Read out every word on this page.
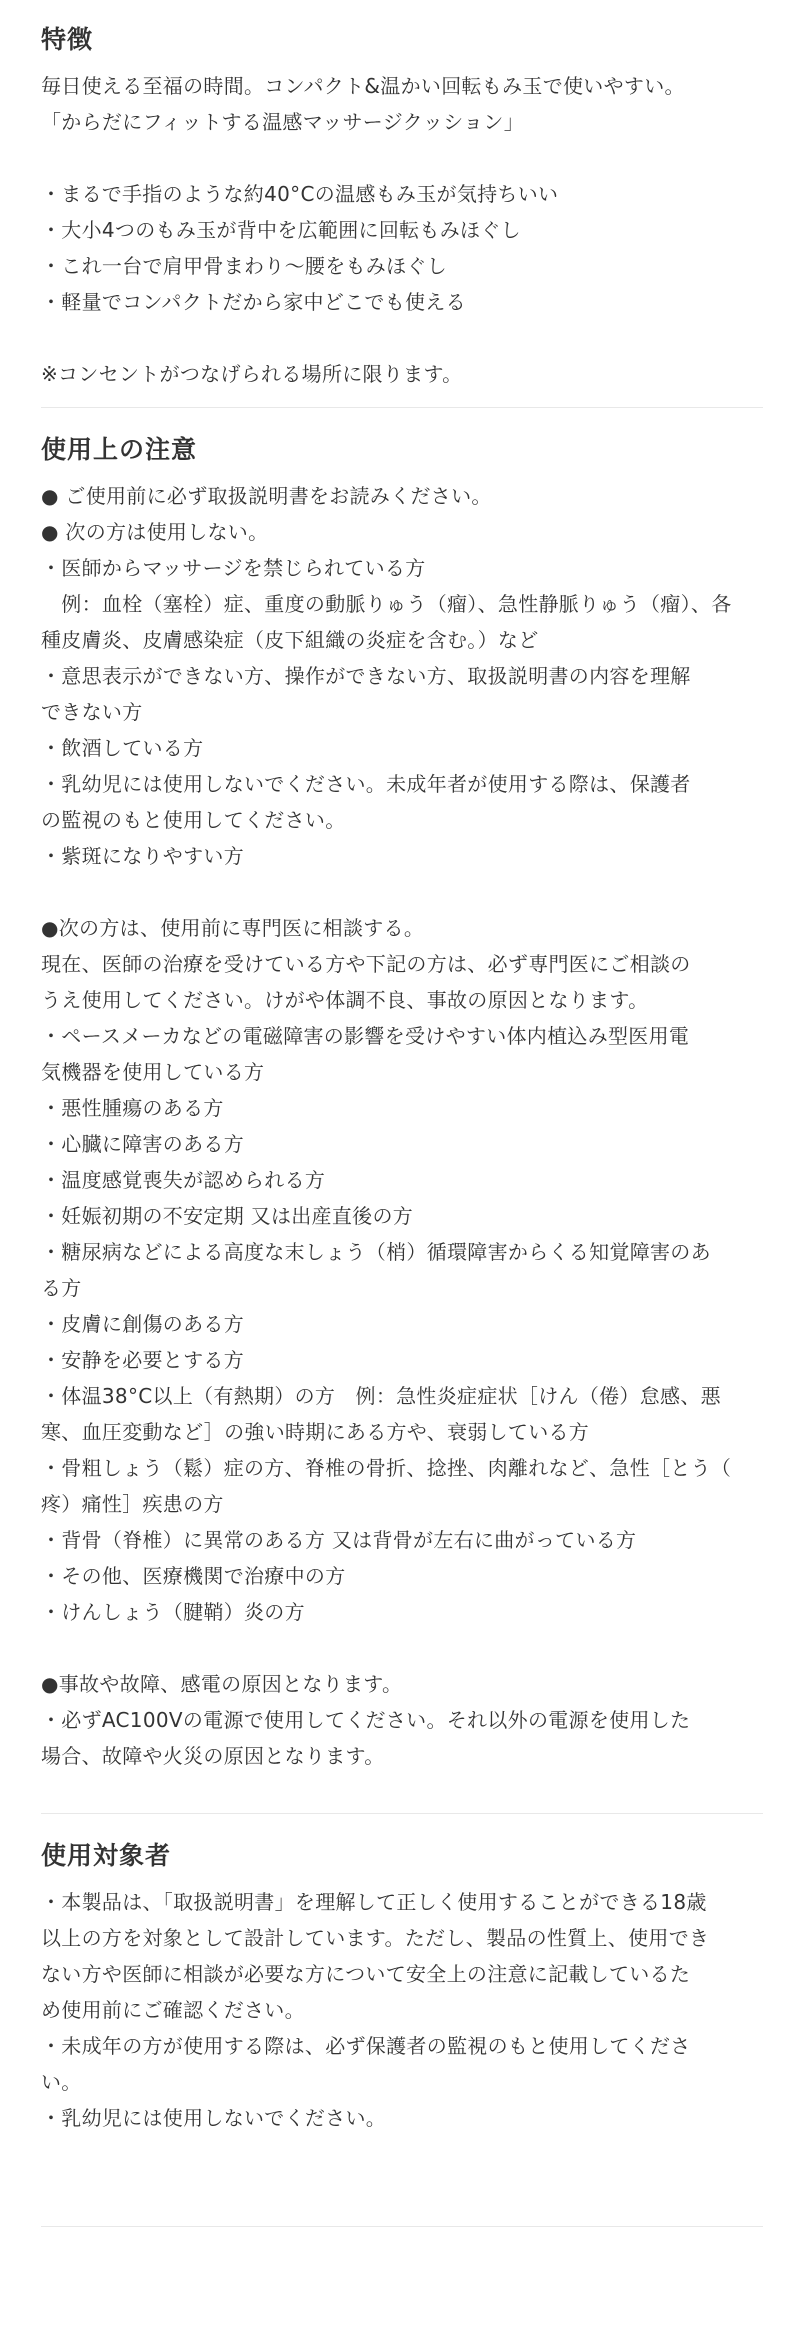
特徴
毎日使える至福の時間。コンパクト&温かい回転もみ玉で使いやすい。
「からだにフィットする温感マッサージクッション」
・まるで手指のような約40°Cの温感もみ玉が気持ちいい
・大小4つのもみ玉が背中を広範囲に回転もみほぐし
・これ一台で肩甲骨まわり～腰をもみほぐし
・軽量でコンパクトだから家中どこでも使える
※コンセントがつなげられる場所に限ります。
使用上の注意
● ご使用前に必ず取扱説明書をお読みください。
● 次の方は使用しない。
・医師からマッサージを禁じられている方
　例：血栓（塞栓）症、重度の動脈りゅう（瘤）、急性静脈りゅう（瘤）、各
種皮膚炎、皮膚感染症（皮下組織の炎症を含む。）など
・意思表示ができない方、操作ができない方、取扱説明書の内容を理解
できない方
・飲酒している方
・乳幼児には使用しないでください。未成年者が使用する際は、保護者
の監視のもと使用してください。
・紫斑になりやすい方
●次の方は、使用前に専門医に相談する。
現在、医師の治療を受けている方や下記の方は、必ず専門医にご相談の
うえ使用してください。けがや体調不良、事故の原因となります。
・ペースメーカなどの電磁障害の影響を受けやすい体内植込み型医用電
気機器を使用している方
・悪性腫瘍のある方
・心臓に障害のある方
・温度感覚喪失が認められる方
・妊娠初期の不安定期 又は出産直後の方
・糖尿病などによる高度な末しょう（梢）循環障害からくる知覚障害のあ
る方
・皮膚に創傷のある方
・安静を必要とする方
・体温38°C以上（有熱期）の方　例：急性炎症症状［けん（倦）怠感、悪
寒、血圧変動など］の強い時期にある方や、衰弱している方
・骨粗しょう（鬆）症の方、脊椎の骨折、捻挫、肉離れなど、急性［とう（
疼）痛性］疾患の方
・背骨（脊椎）に異常のある方 又は背骨が左右に曲がっている方
・その他、医療機関で治療中の方
・けんしょう（腱鞘）炎の方
●事故や故障、感電の原因となります。
・必ずAC100Vの電源で使用してください。それ以外の電源を使用した
場合、故障や火災の原因となります。
使用対象者
・本製品は、「取扱説明書」を理解して正しく使用することができる18歳
以上の方を対象として設計しています。ただし、製品の性質上、使用でき
ない方や医師に相談が必要な方について安全上の注意に記載しているた
め使用前にご確認ください。
・未成年の方が使用する際は、必ず保護者の監視のもと使用してくださ
い。
・乳幼児には使用しないでください。
